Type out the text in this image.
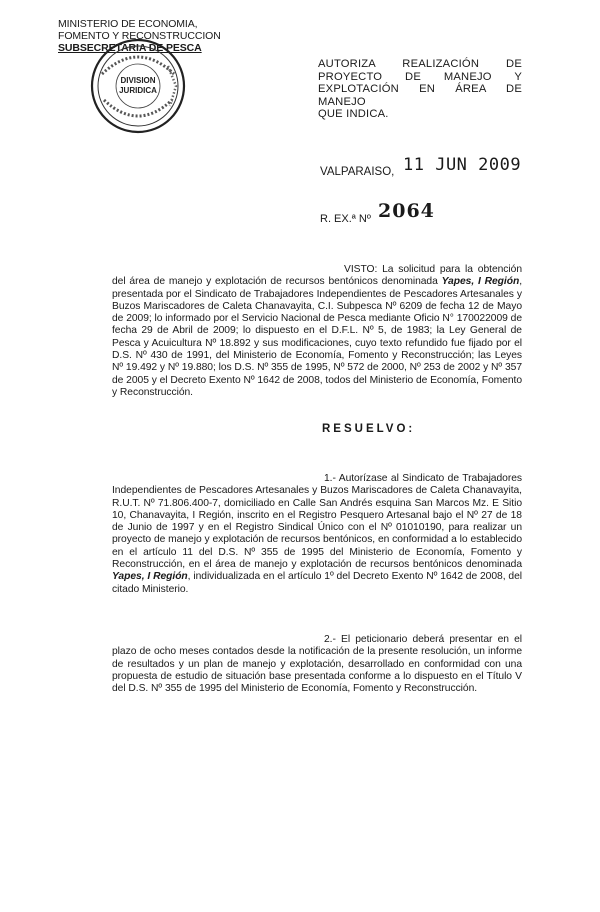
MINISTERIO DE ECONOMIA,
FOMENTO Y RECONSTRUCCION
SUBSECRETARIA DE PESCA
DIVISION
JURIDICA
AUTORIZA REALIZACIÓN DE
PROYECTO DE MANEJO Y
EXPLOTACIÓN EN ÁREA DE MANEJO
QUE INDICA.
VALPARAISO, 11 JUN 2009
R. EX.ª Nº 2064
VISTO: La solicitud para la obtención del área de manejo y explotación de recursos bentónicos denominada Yapes, I Región, presentada por el Sindicato de Trabajadores Independientes de Pescadores Artesanales y Buzos Mariscadores de Caleta Chanavayita, C.I. Subpesca Nº 6209 de fecha 12 de Mayo de 2009; lo informado por el Servicio Nacional de Pesca mediante Oficio N° 170022009 de fecha 29 de Abril de 2009; lo dispuesto en el D.F.L. Nº 5, de 1983; la Ley General de Pesca y Acuicultura Nº 18.892 y sus modificaciones, cuyo texto refundido fue fijado por el D.S. Nº 430 de 1991, del Ministerio de Economía, Fomento y Reconstrucción; las Leyes Nº 19.492 y Nº 19.880; los D.S. Nº 355 de 1995, Nº 572 de 2000, Nº 253 de 2002 y Nº 357 de 2005 y el Decreto Exento Nº 1642 de 2008, todos del Ministerio de Economía, Fomento y Reconstrucción.
RESUELVO:
1.- Autorízase al Sindicato de Trabajadores Independientes de Pescadores Artesanales y Buzos Mariscadores de Caleta Chanavayita, R.U.T. Nº 71.806.400-7, domiciliado en Calle San Andrés esquina San Marcos Mz. E Sitio 10, Chanavayita, I Región, inscrito en el Registro Pesquero Artesanal bajo el Nº 27 de 18 de Junio de 1997 y en el Registro Sindical Único con el Nº 01010190, para realizar un proyecto de manejo y explotación de recursos bentónicos, en conformidad a lo establecido en el artículo 11 del D.S. Nº 355 de 1995 del Ministerio de Economía, Fomento y Reconstrucción, en el área de manejo y explotación de recursos bentónicos denominada Yapes, I Región, individualizada en el artículo 1º del Decreto Exento Nº 1642 de 2008, del citado Ministerio.
2.- El peticionario deberá presentar en el plazo de ocho meses contados desde la notificación de la presente resolución, un informe de resultados y un plan de manejo y explotación, desarrollado en conformidad con una propuesta de estudio de situación base presentada conforme a lo dispuesto en el Título V del D.S. Nº 355 de 1995 del Ministerio de Economía, Fomento y Reconstrucción.
